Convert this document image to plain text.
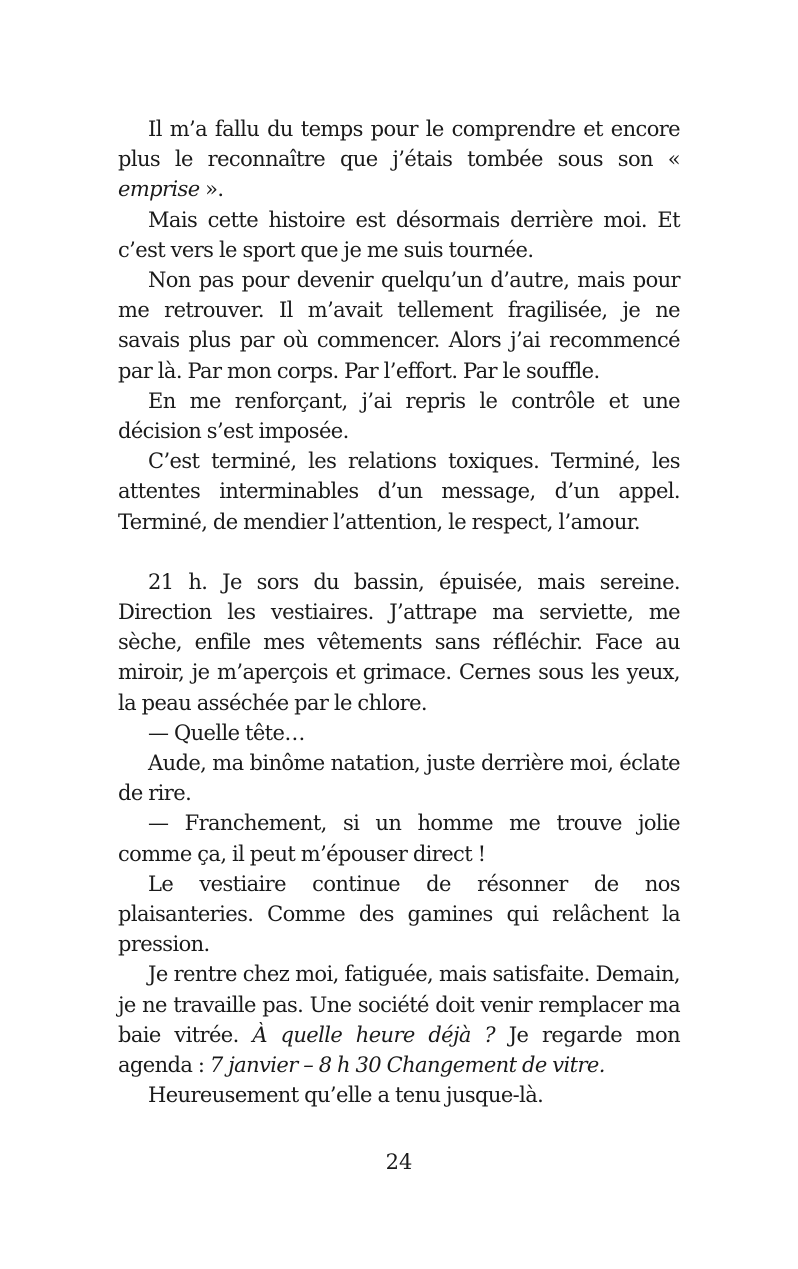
Il m’a fallu du temps pour le comprendre et encore plus le reconnaître que j’étais tombée sous son « emprise ».

Mais cette histoire est désormais derrière moi. Et c’est vers le sport que je me suis tournée.

Non pas pour devenir quelqu’un d’autre, mais pour me retrouver. Il m’avait tellement fragilisée, je ne savais plus par où commencer. Alors j’ai recommencé par là. Par mon corps. Par l’effort. Par le souffle.

En me renforçant, j’ai repris le contrôle et une décision s’est imposée.

C’est terminé, les relations toxiques. Terminé, les attentes interminables d’un message, d’un appel. Terminé, de mendier l’attention, le respect, l’amour.

21 h. Je sors du bassin, épuisée, mais sereine. Direction les vestiaires. J’attrape ma serviette, me sèche, enfile mes vêtements sans réfléchir. Face au miroir, je m’aperçois et grimace. Cernes sous les yeux, la peau asséchée par le chlore.

— Quelle tête…

Aude, ma binôme natation, juste derrière moi, éclate de rire.

— Franchement, si un homme me trouve jolie comme ça, il peut m’épouser direct !

Le vestiaire continue de résonner de nos plaisanteries. Comme des gamines qui relâchent la pression.

Je rentre chez moi, fatiguée, mais satisfaite. Demain, je ne travaille pas. Une société doit venir remplacer ma baie vitrée. À quelle heure déjà ? Je regarde mon agenda : 7 janvier – 8 h 30 Changement de vitre.

Heureusement qu’elle a tenu jusque-là.

24
